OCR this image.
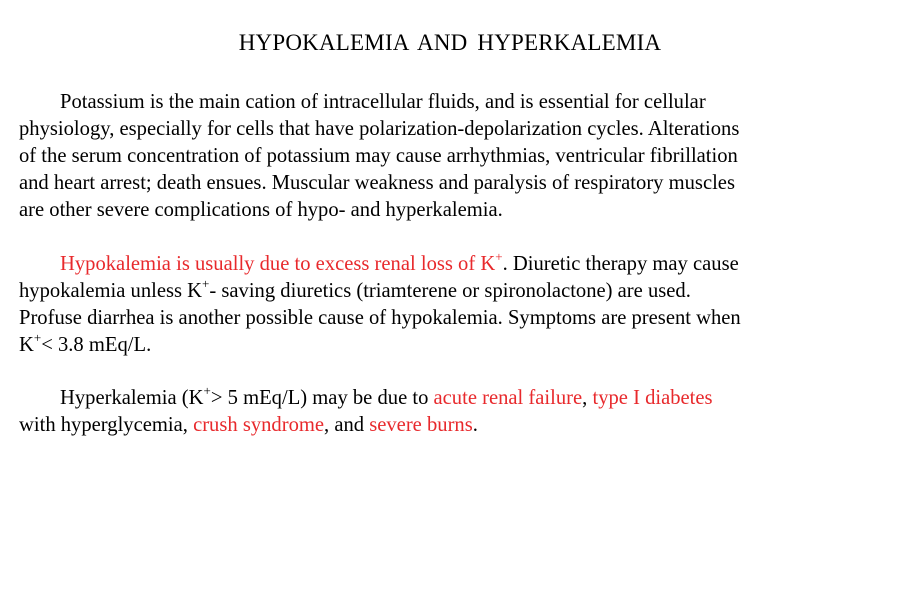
HYPOKALEMIA AND HYPERKALEMIA

Potassium is the main cation of intracellular fluids, and is essential for cellular
physiology, especially for cells that have polarization-depolarization cycles. Alterations
of the serum concentration of potassium may cause arrhythmias, ventricular fibrillation
and heart arrest; death ensues. Muscular weakness and paralysis of respiratory muscles
are other severe complications of hypo- and hyperkalemia.

Hypokalemia is usually due to excess renal loss of K+. Diuretic therapy may cause
hypokalemia unless K+- saving diuretics (triamterene or spironolactone) are used.
Profuse diarrhea is another possible cause of hypokalemia. Symptoms are present when
K+< 3.8 mEq/L.

Hyperkalemia (K+> 5 mEq/L) may be due to acute renal failure, type I diabetes
with hyperglycemia, crush syndrome, and severe burns.
